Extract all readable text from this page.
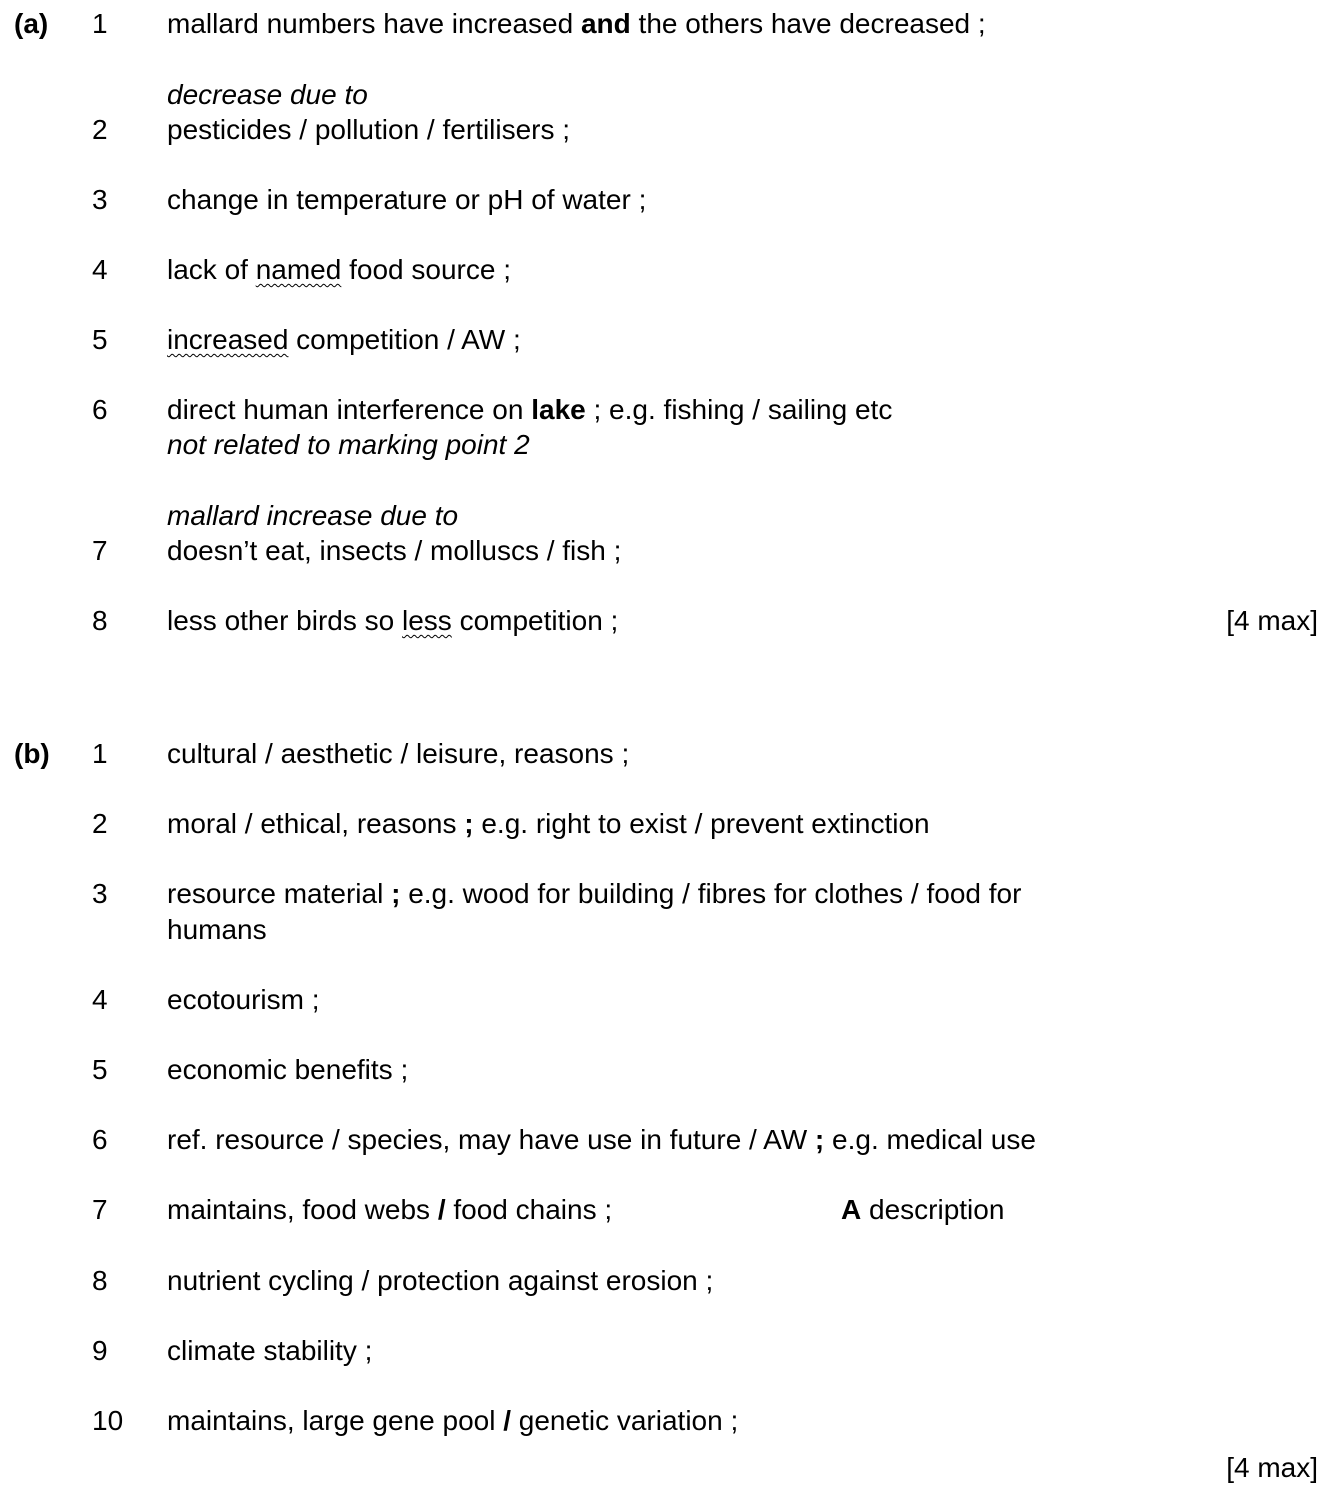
(a) 1 mallard numbers have increased and the others have decreased ;
decrease due to
2 pesticides / pollution / fertilisers ;
3 change in temperature or pH of water ;
4 lack of named food source ;
5 increased competition / AW ;
6 direct human interference on lake ; e.g. fishing / sailing etc
not related to marking point 2
mallard increase due to
7 doesn’t eat, insects / molluscs / fish ;
8 less other birds so less competition ;	[4 max]
(b) 1 cultural / aesthetic / leisure, reasons ;
2 moral / ethical, reasons ; e.g. right to exist / prevent extinction
3 resource material ; e.g. wood for building / fibres for clothes / food for
humans
4 ecotourism ;
5 economic benefits ;
6 ref. resource / species, may have use in future / AW ; e.g. medical use
7 maintains, food webs / food chains ;	A description
8 nutrient cycling / protection against erosion ;
9 climate stability ;
10 maintains, large gene pool / genetic variation ;
[4 max]
